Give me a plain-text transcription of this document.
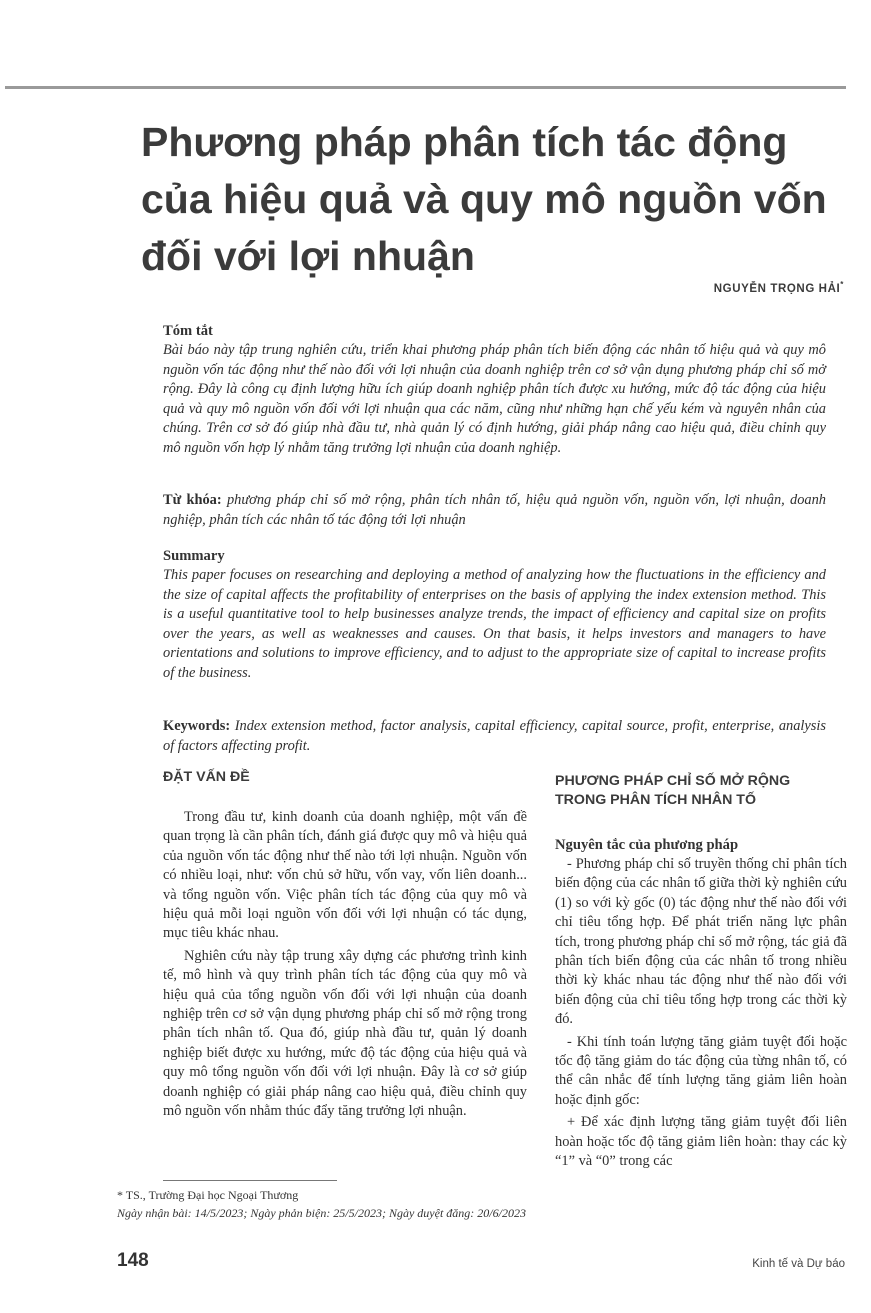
Phương pháp phân tích tác động của hiệu quả và quy mô nguồn vốn đối với lợi nhuận
NGUYỄN TRỌNG HẢI*
Tóm tắt

Bài báo này tập trung nghiên cứu, triển khai phương pháp phân tích biến động các nhân tố hiệu quả và quy mô nguồn vốn tác động như thế nào đối với lợi nhuận của doanh nghiệp trên cơ sở vận dụng phương pháp chỉ số mở rộng. Đây là công cụ định lượng hữu ích giúp doanh nghiệp phân tích được xu hướng, mức độ tác động của hiệu quả và quy mô nguồn vốn đối với lợi nhuận qua các năm, cũng như những hạn chế yếu kém và nguyên nhân của chúng. Trên cơ sở đó giúp nhà đầu tư, nhà quản lý có định hướng, giải pháp nâng cao hiệu quả, điều chỉnh quy mô nguồn vốn hợp lý nhằm tăng trưởng lợi nhuận của doanh nghiệp.

Từ khóa: phương pháp chỉ số mở rộng, phân tích nhân tố, hiệu quả nguồn vốn, nguồn vốn, lợi nhuận, doanh nghiệp, phân tích các nhân tố tác động tới lợi nhuận

Summary

This paper focuses on researching and deploying a method of analyzing how the fluctuations in the efficiency and the size of capital affects the profitability of enterprises on the basis of applying the index extension method. This is a useful quantitative tool to help businesses analyze trends, the impact of efficiency and capital size on profits over the years, as well as weaknesses and causes. On that basis, it helps investors and managers to have orientations and solutions to improve efficiency, and to adjust to the appropriate size of capital to increase profits of the business.

Keywords: Index extension method, factor analysis, capital efficiency, capital source, profit, enterprise, analysis of factors affecting profit.

ĐẶT VẤN ĐỀ

Trong đầu tư, kinh doanh của doanh nghiệp, một vấn đề quan trọng là cần phân tích, đánh giá được quy mô và hiệu quả của nguồn vốn tác động như thế nào tới lợi nhuận. Nguồn vốn có nhiều loại, như: vốn chủ sở hữu, vốn vay, vốn liên doanh... và tổng nguồn vốn. Việc phân tích tác động của quy mô và hiệu quả mỗi loại nguồn vốn đối với lợi nhuận có tác dụng, mục tiêu khác nhau.

Nghiên cứu này tập trung xây dựng các phương trình kinh tế, mô hình và quy trình phân tích tác động của quy mô và hiệu quả của tổng nguồn vốn đối với lợi nhuận của doanh nghiệp trên cơ sở vận dụng phương pháp chỉ số mở rộng trong phân tích nhân tố. Qua đó, giúp nhà đầu tư, quản lý doanh nghiệp biết được xu hướng, mức độ tác động của hiệu quả và quy mô tổng nguồn vốn đối với lợi nhuận. Đây là cơ sở giúp doanh nghiệp có giải pháp nâng cao hiệu quả, điều chỉnh quy mô nguồn vốn nhằm thúc đẩy tăng trưởng lợi nhuận.

PHƯƠNG PHÁP CHỈ SỐ MỞ RỘNG
TRONG PHÂN TÍCH NHÂN TỐ
Nguyên tắc của phương pháp

- Phương pháp chỉ số truyền thống chỉ phân tích biến động của các nhân tố giữa thời kỳ nghiên cứu (1) so với kỳ gốc (0) tác động như thế nào đối với chỉ tiêu tổng hợp. Để phát triển năng lực phân tích, trong phương pháp chỉ số mở rộng, tác giả đã phân tích biến động của các nhân tố trong nhiều thời kỳ khác nhau tác động như thế nào đối với biến động của chỉ tiêu tổng hợp trong các thời kỳ đó.

- Khi tính toán lượng tăng giảm tuyệt đối hoặc tốc độ tăng giảm do tác động của từng nhân tố, có thể cân nhắc để tính lượng tăng giảm liên hoàn hoặc định gốc:

+ Để xác định lượng tăng giảm tuyệt đối liên hoàn hoặc tốc độ tăng giảm liên hoàn: thay các kỳ “1” và “0” trong các

* TS., Trường Đại học Ngoại Thương

Ngày nhận bài: 14/5/2023; Ngày phản biện: 25/5/2023; Ngày duyệt đăng: 20/6/2023

148	Kinh tế và Dự báo
